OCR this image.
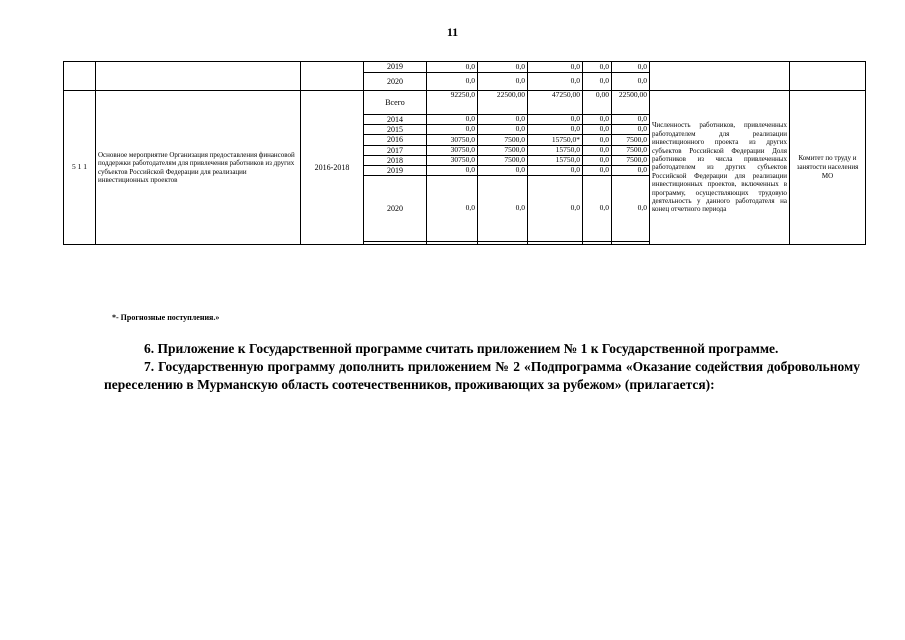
11
			2019	0,0	0,0	0,0	0,0	0,0		
			2020	0,0	0,0	0,0	0,0	0,0		
5 1 1	Основное мероприятие Организация предоставления финансовой поддержки работодателям для привлечения работников из других субъектов Российской Федерации для реализации инвестиционных проектов	2016-2018	Всего	92250,0	22500,00	47250,00	0,00	22500,00	Численность работников, привлеченных работодателем для реализации инвестиционного проекта из других субъектов Российской Федерации Доля работников из числа привлеченных работодателем из других субъектов Российской Федерации для реализации инвестиционных проектов, включенных в программу, осуществляющих трудовую деятельность у данного работодателя на конец отчетного периода	Комитет по труду и занятости населения МО
			2014	0,0	0,0	0,0	0,0	0,0		
			2015	0,0	0,0	0,0	0,0	0,0		
			2016	30750,0	7500,0	15750,0*	0,0	7500,0		
			2017	30750,0	7500,0	15750,0	0,0	7500,0		
			2018	30750,0	7500,0	15750,0	0,0	7500,0		
			2019	0,0	0,0	0,0	0,0	0,0		
			2020	0,0	0,0	0,0	0,0	0,0		

*- Прогнозные поступления.»
6. Приложение к Государственной программе считать приложением № 1 к Государственной программе.
7. Государственную программу дополнить приложением № 2 «Подпрограмма «Оказание содействия добровольному переселению в Мурманскую область соотечественников, проживающих за рубежом» (прилагается):
